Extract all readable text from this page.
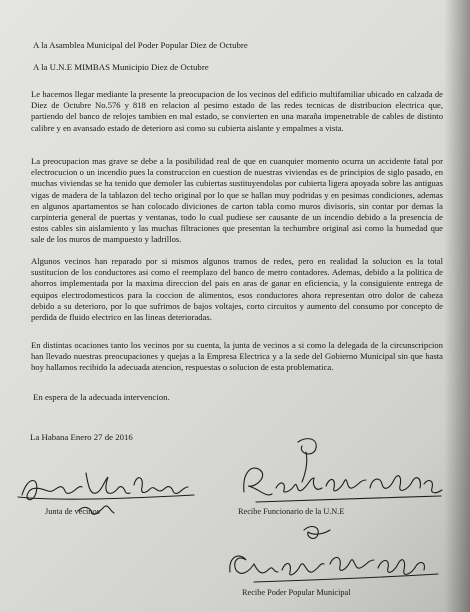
A la Asamblea Municipal del Poder Popular Diez de Octubre
A la U.N.E MIMBAS Municipio Diez de Octubre
Le hacemos llegar mediante la presente la preocupacion de los vecinos del edificio multifamiliar ubicado en calzada de Diez de Octubre No.576 y 818 en relacion al pesimo estado de las redes tecnicas de distribucion electrica que, partiendo del banco de relojes tambien en mal estado, se convierten en una maraña impenetrable de cables de distinto calibre y en avansado estado de deterioro asi como su cubierta aislante y empalmes a vista.
La preocupacion mas grave se debe a la posibilidad real de que en cuanquier momento ocurra un accidente fatal por electrocucion o un incendio pues la construccion en cuestion de nuestras viviendas es de principios de siglo pasado, en muchas viviendas se ha tenido que demoler las cubiertas sustituyendolas por cubierta ligera apoyada sobre las antiguas vigas de madera de la tablazon del techo original por lo que se hallan muy podridas y en pesimas condiciones, ademas en algunos apartamentos se han colocado diviciones de carton tabla como muros divisoris, sin contar por demas la carpinteria general de puertas y ventanas, todo lo cual pudiese ser causante de un incendio debido a la presencia de estos cables sin aislamiento y las muchas filtraciones que presentan la techumbre original asi como la humedad que sale de los muros de mampuesto y ladrillos.
Algunos vecinos han reparado por si mismos algunos tramos de redes, pero en realidad la solucion es la total sustitucion de los conductores asi como el reemplazo del banco de metro contadores. Ademas, debido a la politica de ahorros implementada por la maxima direccion del pais en aras de ganar en eficiencia, y la consiguiente entrega de equipos electrodomesticos para la coccion de alimentos, esos conductores ahora representan otro dolor de cabeza debido a su deterioro, por lo que sufrimos de bajos voltajes, corto circuitos y aumento del consumo por concepto de perdida de fluido electrico en las lineas deterioradas.
En distintas ocaciones tanto los vecinos por su cuenta, la junta de vecinos a si como la delegada de la circunscripcion han llevado nuestras preocupaciones y quejas a la Empresa Electrica y a la sede del Gobierno Municipal sin que hasta hoy hallamos recibido la adecuada atencion, respuestas o solucion de esta problematica.
En espera de la adecuada intervencion.
La Habana Enero 27 de 2016
Junta de vecinos	Recibe Funcionario de la U.N.E
Recibe Poder Popular Municipal
